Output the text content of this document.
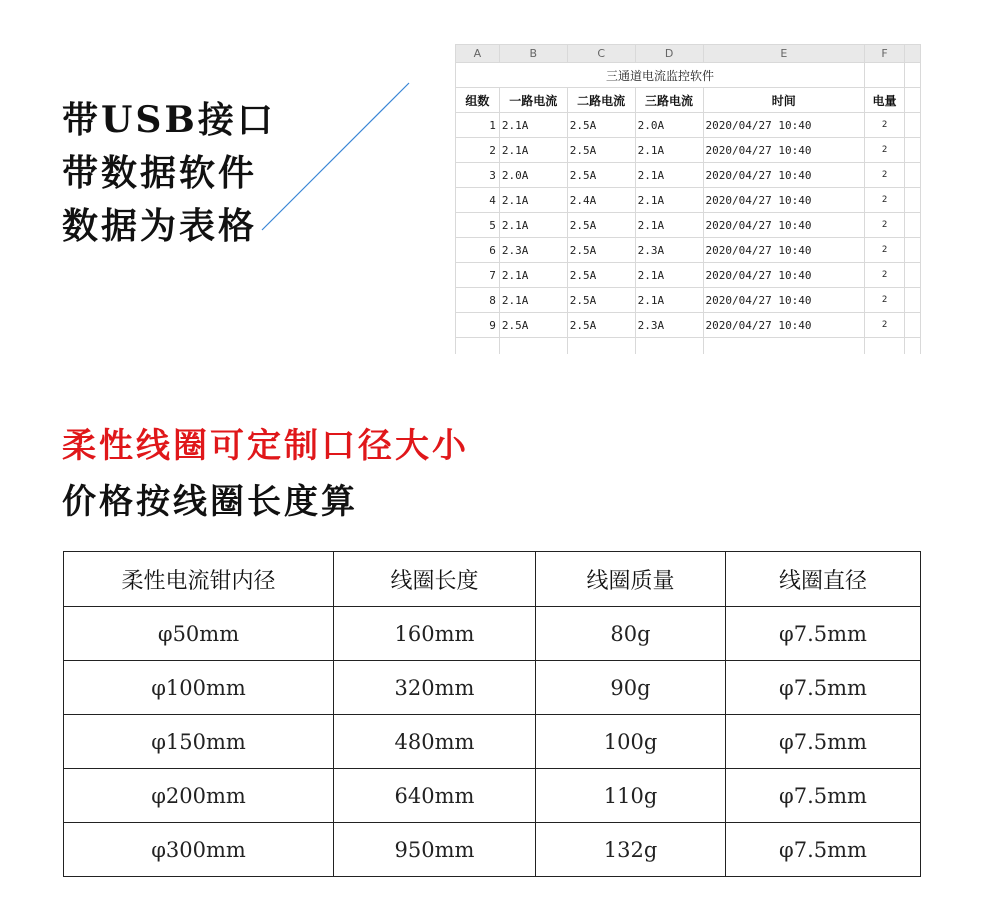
带USB接口
带数据软件
数据为表格
A	B	C	D	E	F	
三通道电流监控软件						
组数	一路电流	二路电流	三路电流	时间	电量	
1	2.1A	2.5A	2.0A	2020/04/27 10:40	2	
2	2.1A	2.5A	2.1A	2020/04/27 10:40	2	
3	2.0A	2.5A	2.1A	2020/04/27 10:40	2	
4	2.1A	2.4A	2.1A	2020/04/27 10:40	2	
5	2.1A	2.5A	2.1A	2020/04/27 10:40	2	
6	2.3A	2.5A	2.3A	2020/04/27 10:40	2	
7	2.1A	2.5A	2.1A	2020/04/27 10:40	2	
8	2.1A	2.5A	2.1A	2020/04/27 10:40	2	
9	2.5A	2.5A	2.3A	2020/04/27 10:40	2	

柔性线圈可定制口径大小
价格按线圈长度算
柔性电流钳内径	线圈长度	线圈质量	线圈直径
φ50mm	160mm	80g	φ7.5mm
φ100mm	320mm	90g	φ7.5mm
φ150mm	480mm	100g	φ7.5mm
φ200mm	640mm	110g	φ7.5mm
φ300mm	950mm	132g	φ7.5mm
